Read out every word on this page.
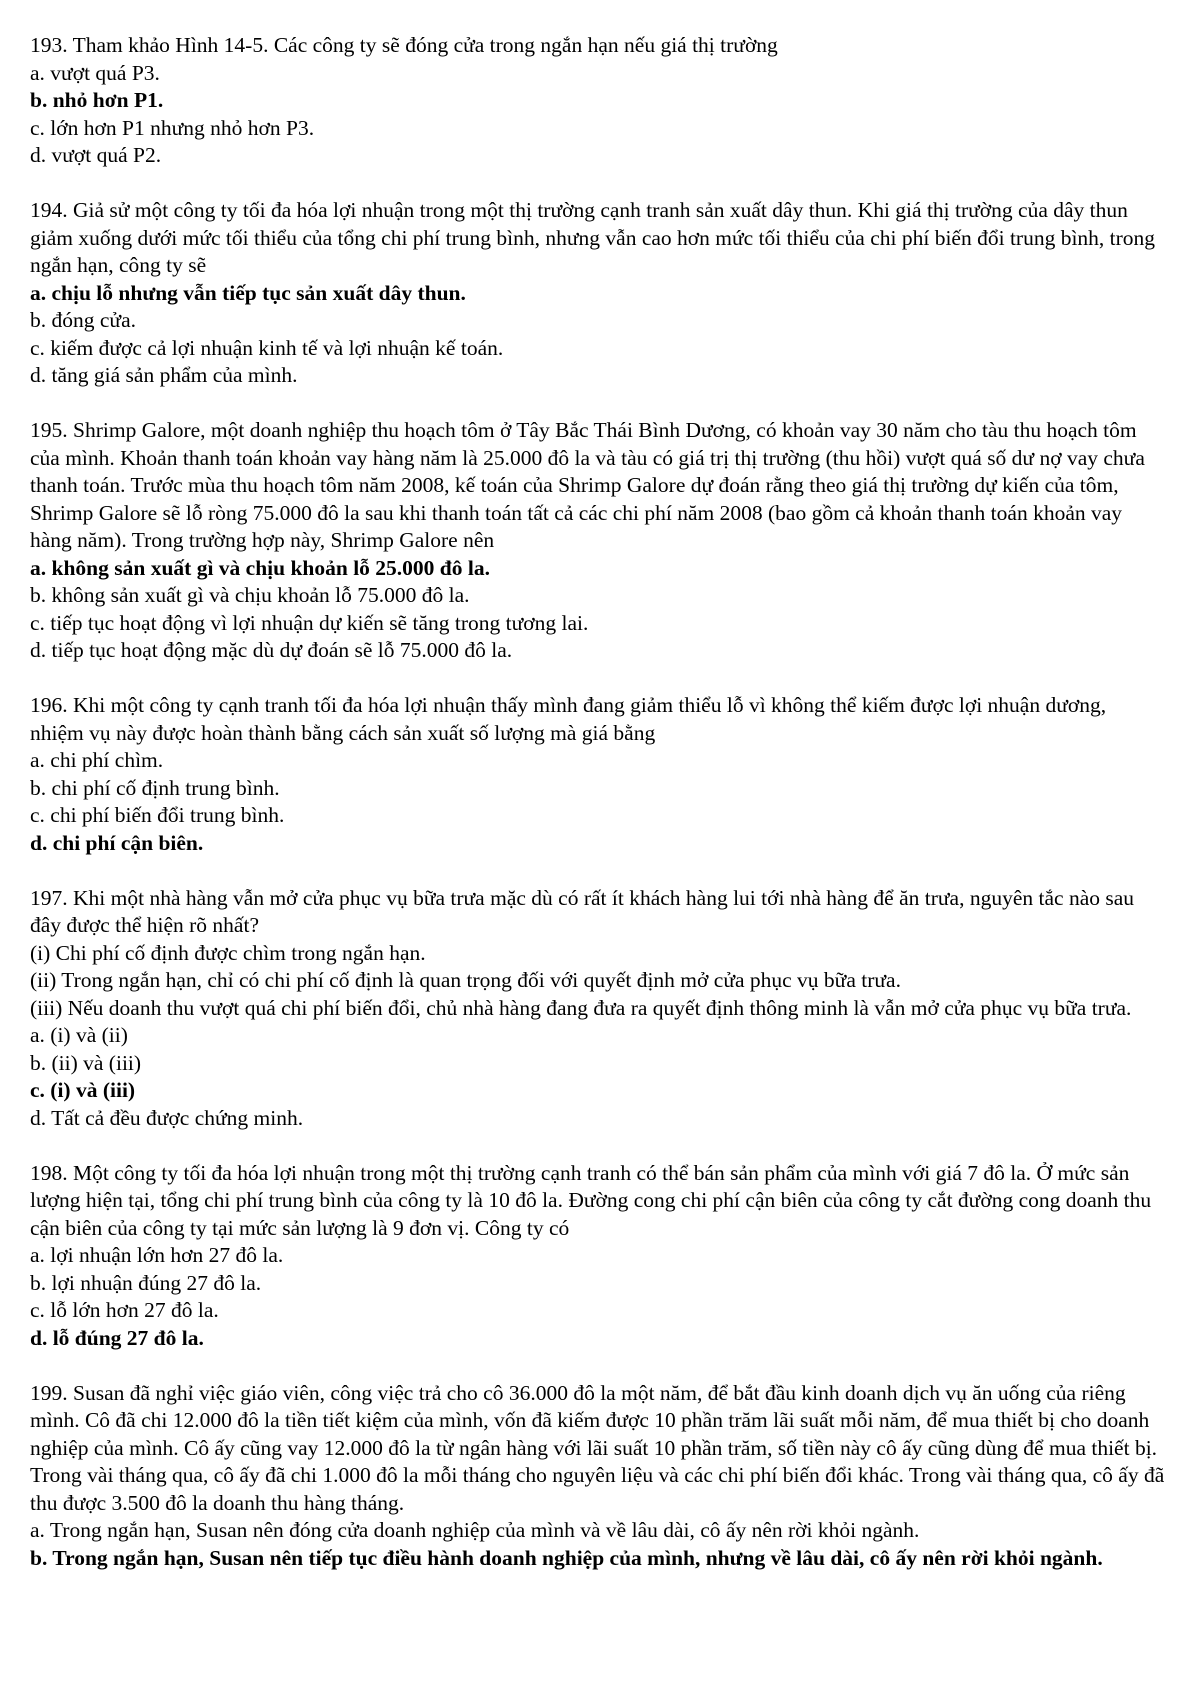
193. Tham khảo Hình 14-5. Các công ty sẽ đóng cửa trong ngắn hạn nếu giá thị trường
a. vượt quá P3.
b. nhỏ hơn P1.
c. lớn hơn P1 nhưng nhỏ hơn P3.
d. vượt quá P2.
194. Giả sử một công ty tối đa hóa lợi nhuận trong một thị trường cạnh tranh sản xuất dây thun. Khi giá thị trường của dây thun giảm xuống dưới mức tối thiểu của tổng chi phí trung bình, nhưng vẫn cao hơn mức tối thiểu của chi phí biến đổi trung bình, trong ngắn hạn, công ty sẽ
a. chịu lỗ nhưng vẫn tiếp tục sản xuất dây thun.
b. đóng cửa.
c. kiếm được cả lợi nhuận kinh tế và lợi nhuận kế toán.
d. tăng giá sản phẩm của mình.
195. Shrimp Galore, một doanh nghiệp thu hoạch tôm ở Tây Bắc Thái Bình Dương, có khoản vay 30 năm cho tàu thu hoạch tôm của mình. Khoản thanh toán khoản vay hàng năm là 25.000 đô la và tàu có giá trị thị trường (thu hồi) vượt quá số dư nợ vay chưa thanh toán. Trước mùa thu hoạch tôm năm 2008, kế toán của Shrimp Galore dự đoán rằng theo giá thị trường dự kiến của tôm, Shrimp Galore sẽ lỗ ròng 75.000 đô la sau khi thanh toán tất cả các chi phí năm 2008 (bao gồm cả khoản thanh toán khoản vay hàng năm). Trong trường hợp này, Shrimp Galore nên
a. không sản xuất gì và chịu khoản lỗ 25.000 đô la.
b. không sản xuất gì và chịu khoản lỗ 75.000 đô la.
c. tiếp tục hoạt động vì lợi nhuận dự kiến sẽ tăng trong tương lai.
d. tiếp tục hoạt động mặc dù dự đoán sẽ lỗ 75.000 đô la.
196. Khi một công ty cạnh tranh tối đa hóa lợi nhuận thấy mình đang giảm thiểu lỗ vì không thể kiếm được lợi nhuận dương, nhiệm vụ này được hoàn thành bằng cách sản xuất số lượng mà giá bằng
a. chi phí chìm.
b. chi phí cố định trung bình.
c. chi phí biến đổi trung bình.
d. chi phí cận biên.
197. Khi một nhà hàng vẫn mở cửa phục vụ bữa trưa mặc dù có rất ít khách hàng lui tới nhà hàng để ăn trưa, nguyên tắc nào sau đây được thể hiện rõ nhất?
(i) Chi phí cố định được chìm trong ngắn hạn.
(ii) Trong ngắn hạn, chỉ có chi phí cố định là quan trọng đối với quyết định mở cửa phục vụ bữa trưa.
(iii) Nếu doanh thu vượt quá chi phí biến đổi, chủ nhà hàng đang đưa ra quyết định thông minh là vẫn mở cửa phục vụ bữa trưa.
a. (i) và (ii)
b. (ii) và (iii)
c. (i) và (iii)
d. Tất cả đều được chứng minh.
198. Một công ty tối đa hóa lợi nhuận trong một thị trường cạnh tranh có thể bán sản phẩm của mình với giá 7 đô la. Ở mức sản lượng hiện tại, tổng chi phí trung bình của công ty là 10 đô la. Đường cong chi phí cận biên của công ty cắt đường cong doanh thu cận biên của công ty tại mức sản lượng là 9 đơn vị. Công ty có
a. lợi nhuận lớn hơn 27 đô la.
b. lợi nhuận đúng 27 đô la.
c. lỗ lớn hơn 27 đô la.
d. lỗ đúng 27 đô la.
199. Susan đã nghỉ việc giáo viên, công việc trả cho cô 36.000 đô la một năm, để bắt đầu kinh doanh dịch vụ ăn uống của riêng mình. Cô đã chi 12.000 đô la tiền tiết kiệm của mình, vốn đã kiếm được 10 phần trăm lãi suất mỗi năm, để mua thiết bị cho doanh nghiệp của mình. Cô ấy cũng vay 12.000 đô la từ ngân hàng với lãi suất 10 phần trăm, số tiền này cô ấy cũng dùng để mua thiết bị. Trong vài tháng qua, cô ấy đã chi 1.000 đô la mỗi tháng cho nguyên liệu và các chi phí biến đổi khác. Trong vài tháng qua, cô ấy đã thu được 3.500 đô la doanh thu hàng tháng.
a. Trong ngắn hạn, Susan nên đóng cửa doanh nghiệp của mình và về lâu dài, cô ấy nên rời khỏi ngành.
b. Trong ngắn hạn, Susan nên tiếp tục điều hành doanh nghiệp của mình, nhưng về lâu dài, cô ấy nên rời khỏi ngành.
